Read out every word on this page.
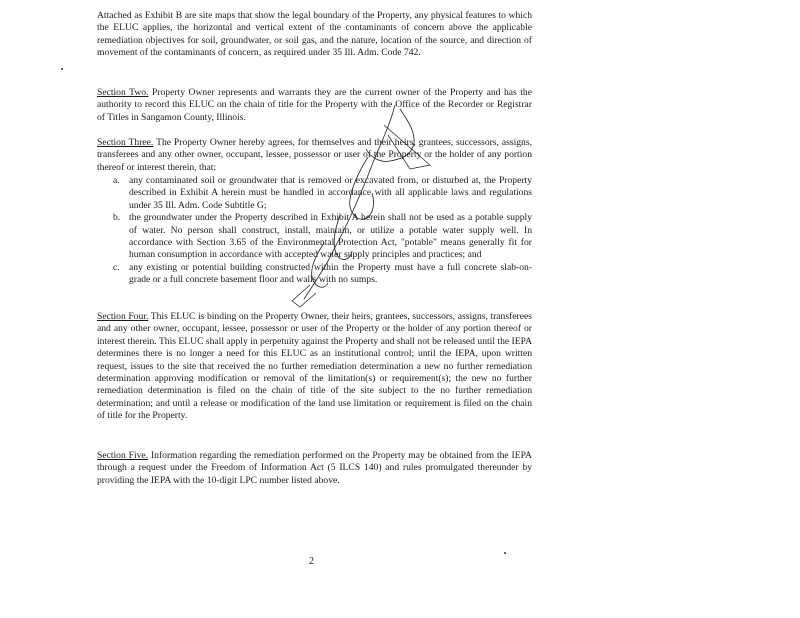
Attached as Exhibit B are site maps that show the legal boundary of the Property, any physical features to which the ELUC applies, the horizontal and vertical extent of the contaminants of concern above the applicable remediation objectives for soil, groundwater, or soil gas, and the nature, location of the source, and direction of movement of the contaminants of concern, as required under 35 Ill. Adm. Code 742.

Section Two. Property Owner represents and warrants they are the current owner of the Property and has the authority to record this ELUC on the chain of title for the Property with the Office of the Recorder or Registrar of Titles in Sangamon County, Illinois.

Section Three. The Property Owner hereby agrees, for themselves and their heirs, grantees, successors, assigns, transferees and any other owner, occupant, lessee, possessor or user of the Property or the holder of any portion thereof or interest therein, that:

a. any contaminated soil or groundwater that is removed or excavated from, or disturbed at, the Property described in Exhibit A herein must be handled in accordance with all applicable laws and regulations under 35 Ill. Adm. Code Subtitle G;
b. the groundwater under the Property described in Exhibit A herein shall not be used as a potable supply of water. No person shall construct, install, maintain, or utilize a potable water supply well. In accordance with Section 3.65 of the Environmental Protection Act, "potable" means generally fit for human consumption in accordance with accepted water supply principles and practices; and
c. any existing or potential building constructed within the Property must have a full concrete slab-on-grade or a full concrete basement floor and walls with no sumps.

Section Four. This ELUC is binding on the Property Owner, their heirs, grantees, successors, assigns, transferees and any other owner, occupant, lessee, possessor or user of the Property or the holder of any portion thereof or interest therein. This ELUC shall apply in perpetuity against the Property and shall not be released until the IEPA determines there is no longer a need for this ELUC as an institutional control; until the IEPA, upon written request, issues to the site that received the no further remediation determination a new no further remediation determination approving modification or removal of the limitation(s) or requirement(s); the new no further remediation determination is filed on the chain of title of the site subject to the no further remediation determination; and until a release or modification of the land use limitation or requirement is filed on the chain of title for the Property.

Section Five. Information regarding the remediation performed on the Property may be obtained from the IEPA through a request under the Freedom of Information Act (5 ILCS 140) and rules promulgated thereunder by providing the IEPA with the 10-digit LPC number listed above.

2
